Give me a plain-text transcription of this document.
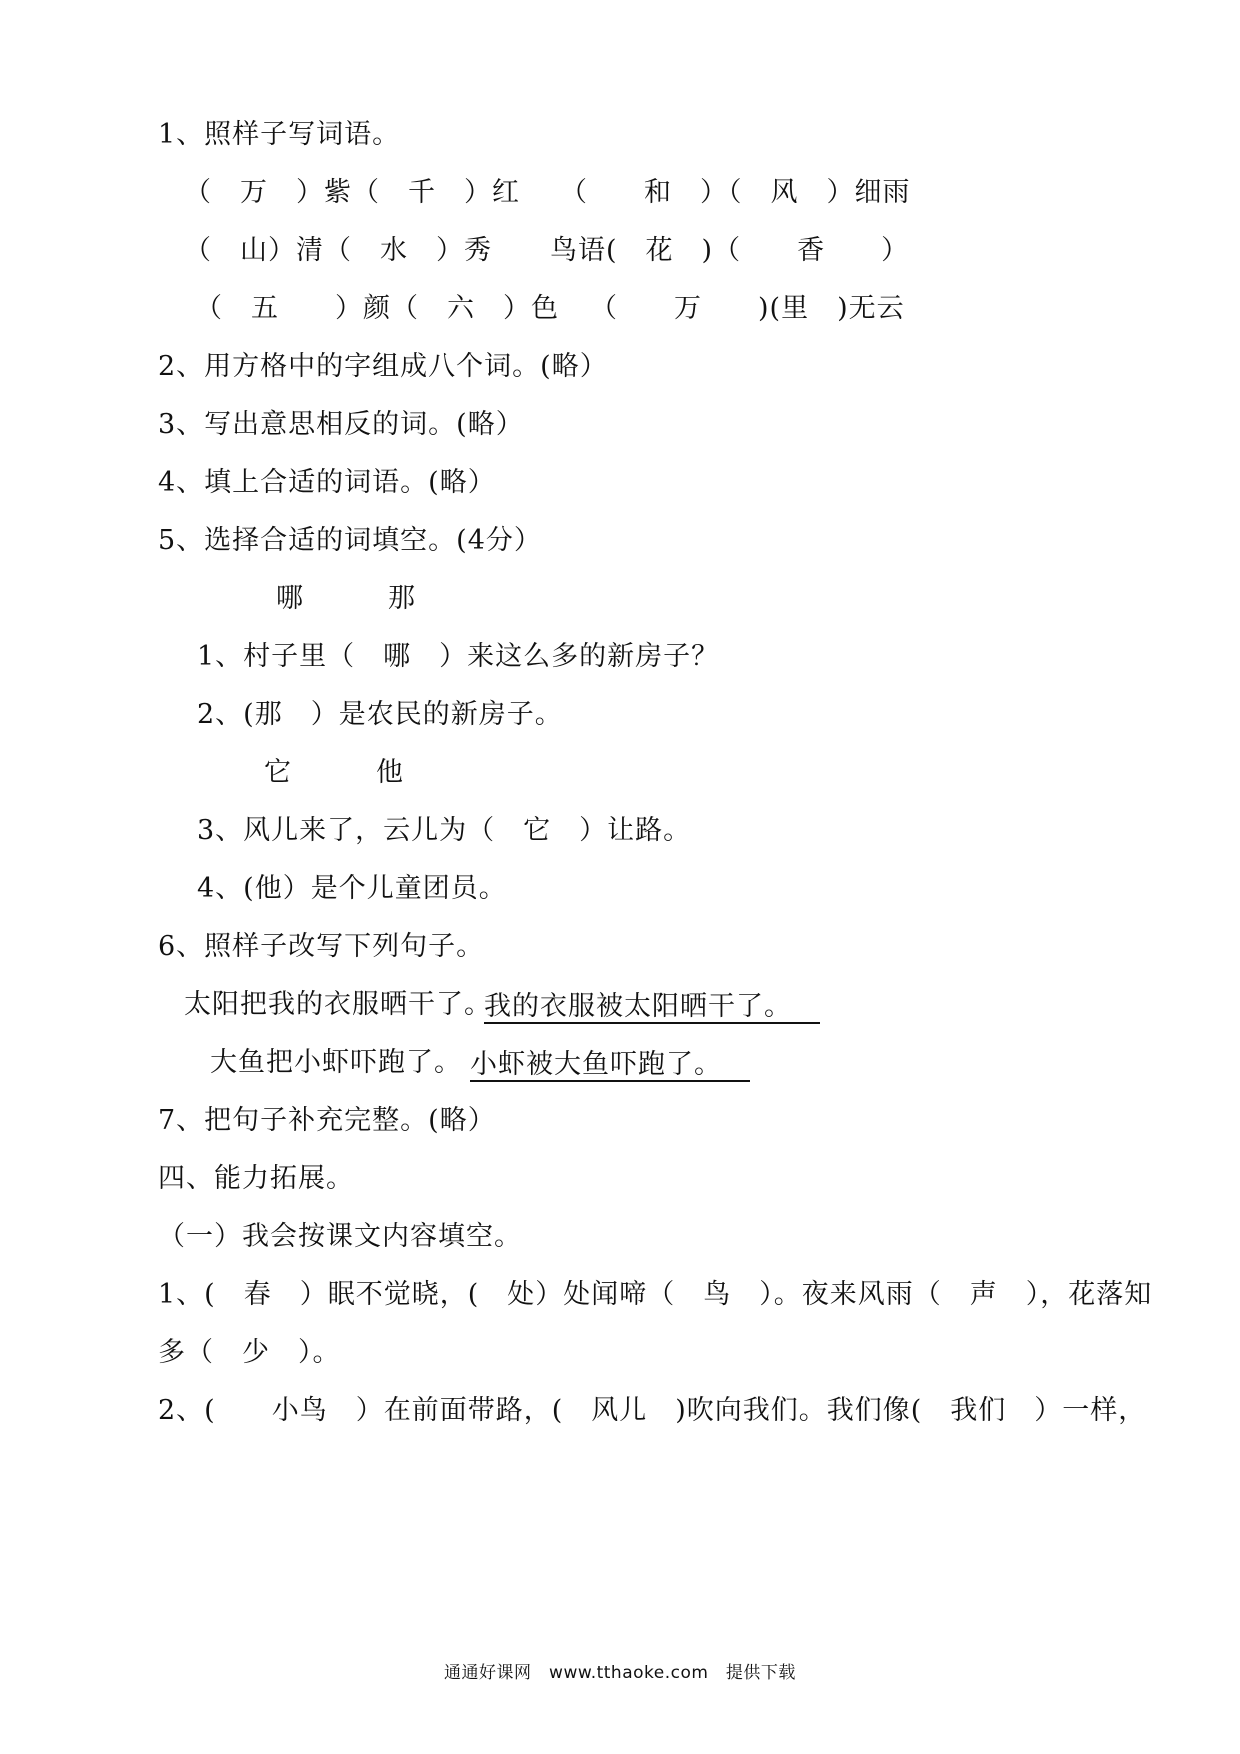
1、照样子写词语。
（　万　）紫（　千　）红 （　　和　）（　风　）细雨
（　山）清（　水　）秀 鸟语(　花　)（　　香　　）
（　五　　）颜（　六　）色 （　　万　　)(里　)无云
2、用方格中的字组成八个词。(略）
3、写出意思相反的词。(略）
4、填上合适的词语。(略）
5、选择合适的词填空。(4分）
哪　　　那
1、村子里（　哪　）来这么多的新房子？
2、(那　）是农民的新房子。
它　　　他
3、风儿来了，云儿为（　它　）让路。
4、(他）是个儿童团员。
6、照样子改写下列句子。
太阳把我的衣服晒干了。
我的衣服被太阳晒干了。
大鱼把小虾吓跑了。 小虾被大鱼吓跑了。
7、把句子补充完整。(略）
四、能力拓展。
（一）我会按课文内容填空。
1、(　春　）眠不觉晓，(　处）处闻啼（　鸟　）。夜来风雨（　声　），花落知
多（　少　）。
2、(　　小鸟　）在前面带路，(　风儿　)吹向我们。我们像(　我们　）一样，
通通好课网　www.tthaoke.com　提供下载
